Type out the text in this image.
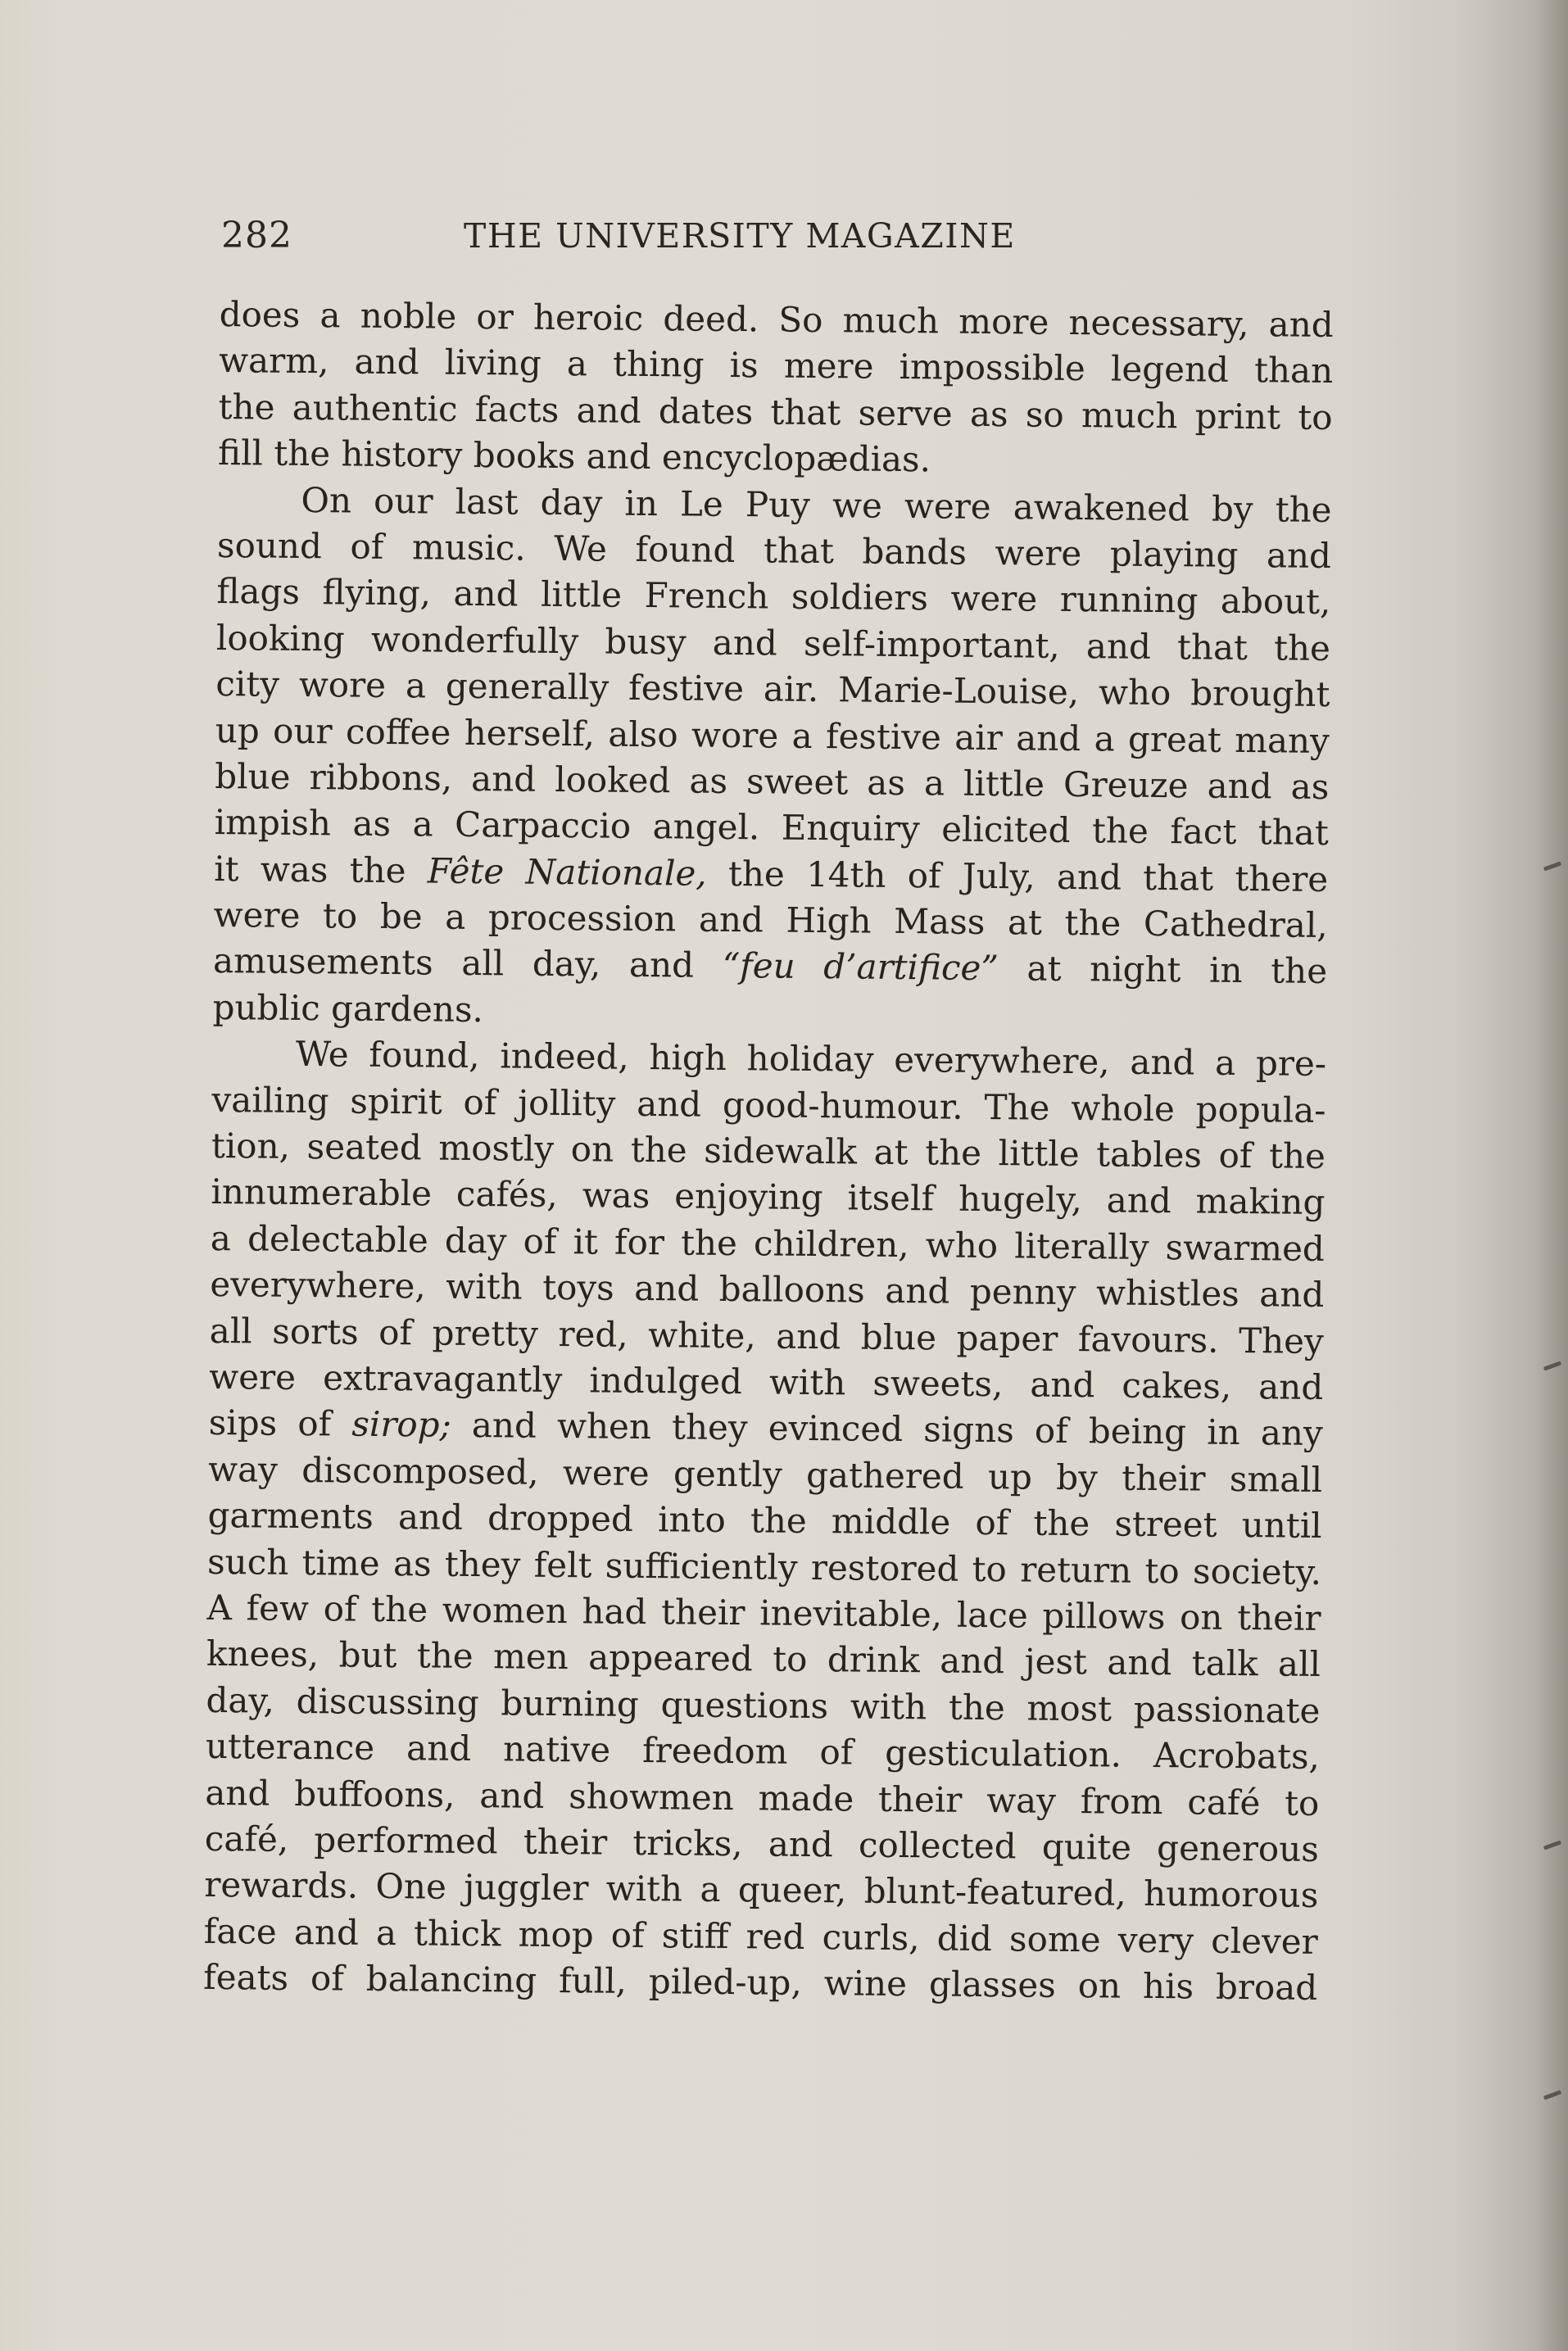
282	THE UNIVERSITY MAGAZINE
does a noble or heroic deed. So much more necessary, and
warm, and living a thing is mere impossible legend than
the authentic facts and dates that serve as so much print to
fill the history books and encyclopædias.
On our last day in Le Puy we were awakened by the
sound of music. We found that bands were playing and
flags flying, and little French soldiers were running about,
looking wonderfully busy and self-important, and that the
city wore a generally festive air. Marie-Louise, who brought
up our coffee herself, also wore a festive air and a great many
blue ribbons, and looked as sweet as a little Greuze and as
impish as a Carpaccio angel. Enquiry elicited the fact that
it was the Fête Nationale, the 14th of July, and that there
were to be a procession and High Mass at the Cathedral,
amusements all day, and “feu d’artifice” at night in the
public gardens.
We found, indeed, high holiday everywhere, and a pre-
vailing spirit of jollity and good-humour. The whole popula-
tion, seated mostly on the sidewalk at the little tables of the
innumerable cafés, was enjoying itself hugely, and making
a delectable day of it for the children, who literally swarmed
everywhere, with toys and balloons and penny whistles and
all sorts of pretty red, white, and blue paper favours. They
were extravagantly indulged with sweets, and cakes, and
sips of sirop; and when they evinced signs of being in any
way discomposed, were gently gathered up by their small
garments and dropped into the middle of the street until
such time as they felt sufficiently restored to return to society.
A few of the women had their inevitable, lace pillows on their
knees, but the men appeared to drink and jest and talk all
day, discussing burning questions with the most passionate
utterance and native freedom of gesticulation. Acrobats,
and buffoons, and showmen made their way from café to
café, performed their tricks, and collected quite generous
rewards. One juggler with a queer, blunt-featured, humorous
face and a thick mop of stiff red curls, did some very clever
feats of balancing full, piled-up, wine glasses on his broad
